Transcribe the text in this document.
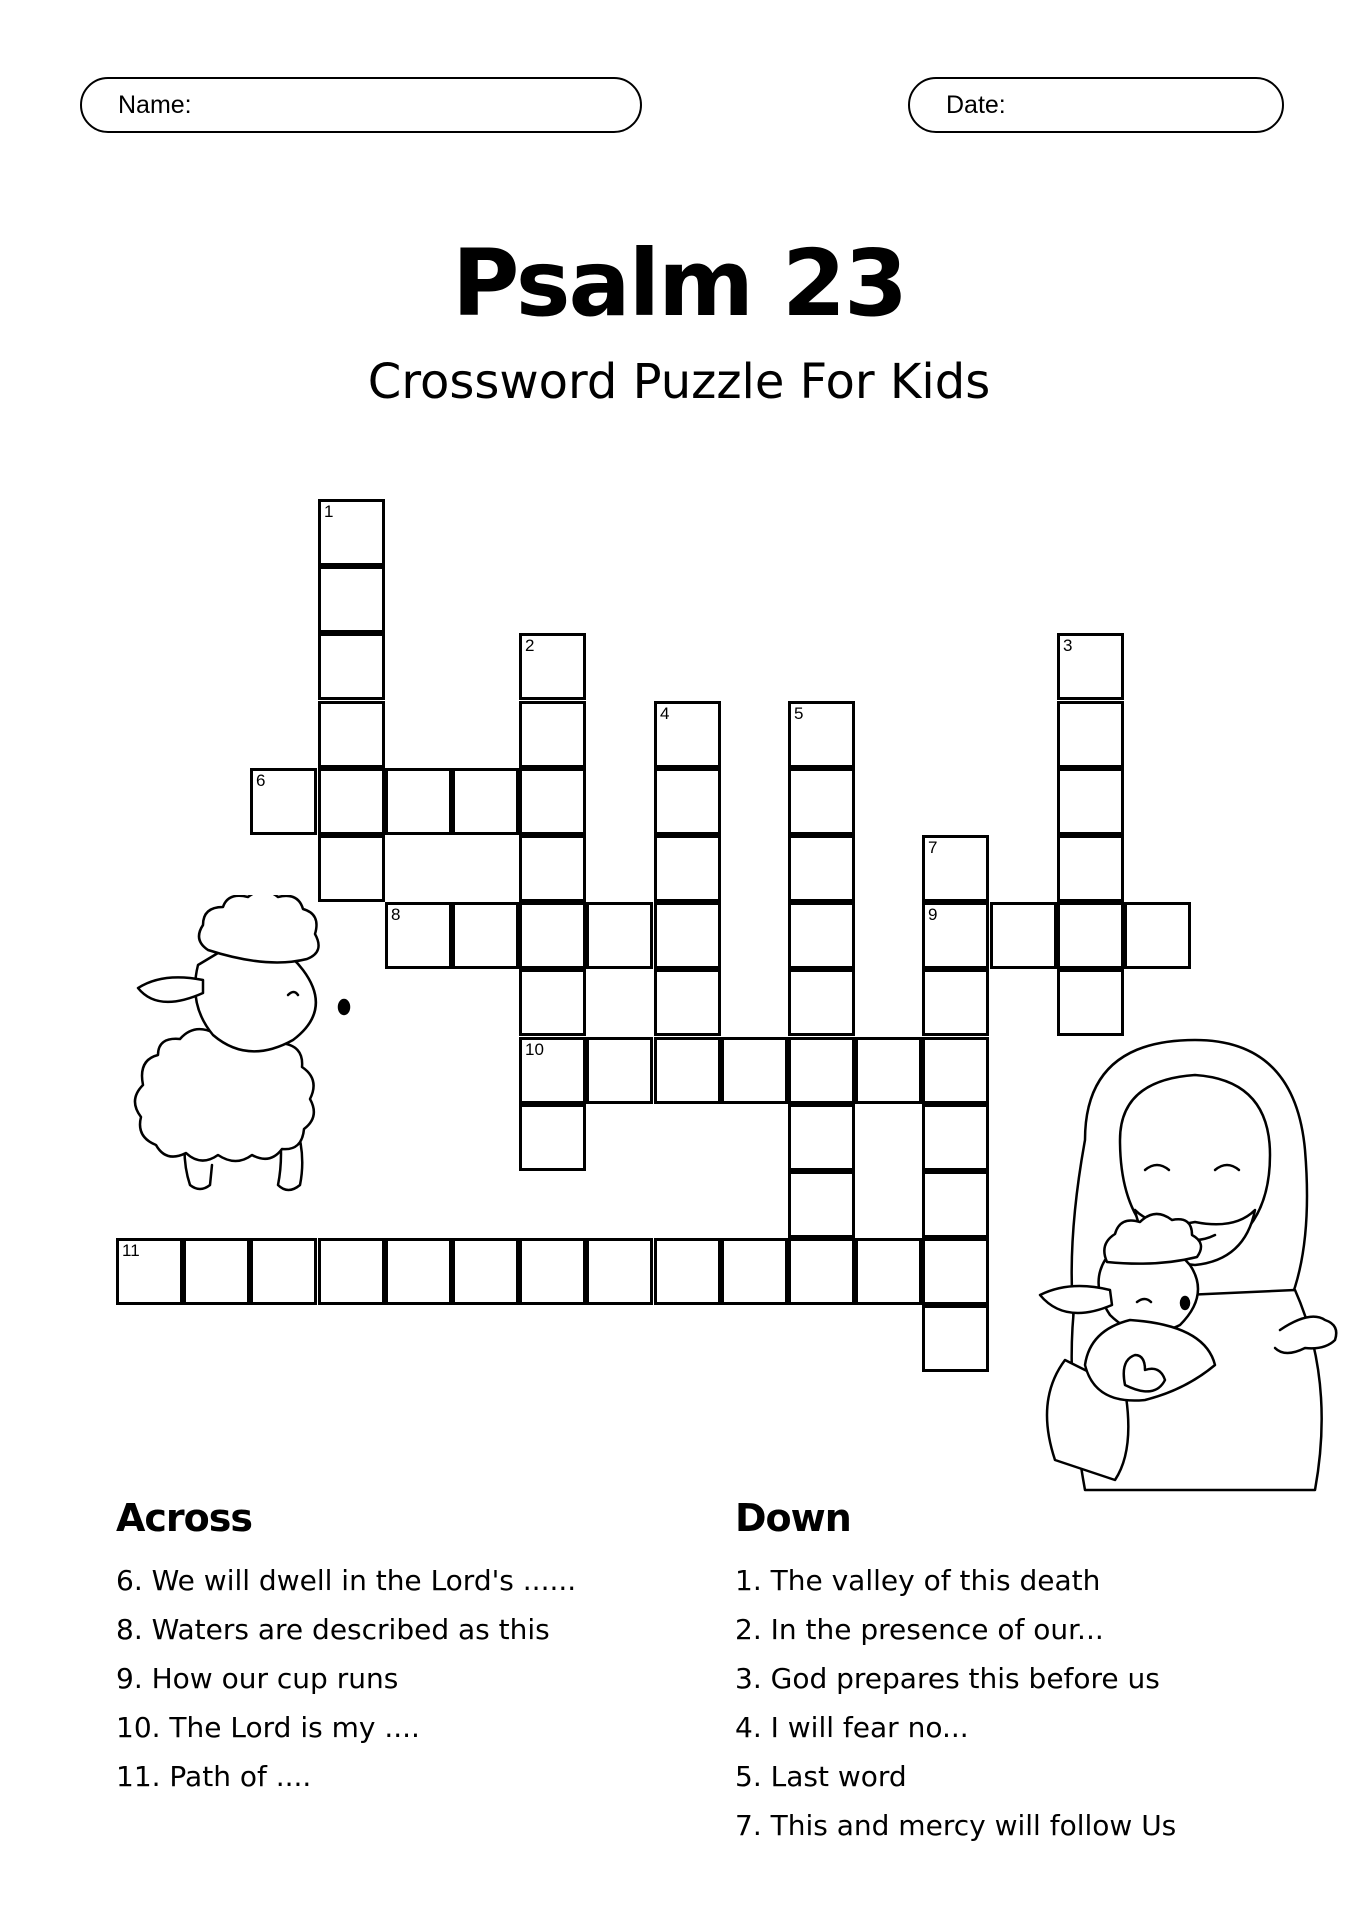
Name:	Date:
Psalm 23
Crossword Puzzle For Kids
1
2
10
3
4	5
7
9
6
8
11
Across	Down
6. We will dwell in the Lord's ......
8. Waters are described as this
9. How our cup runs
10. The Lord is my ....
11. Path of ....
1. The valley of this death
2. In the presence of our...
3. God prepares this before us
4. I will fear no...
5. Last word
7. This and mercy will follow Us
